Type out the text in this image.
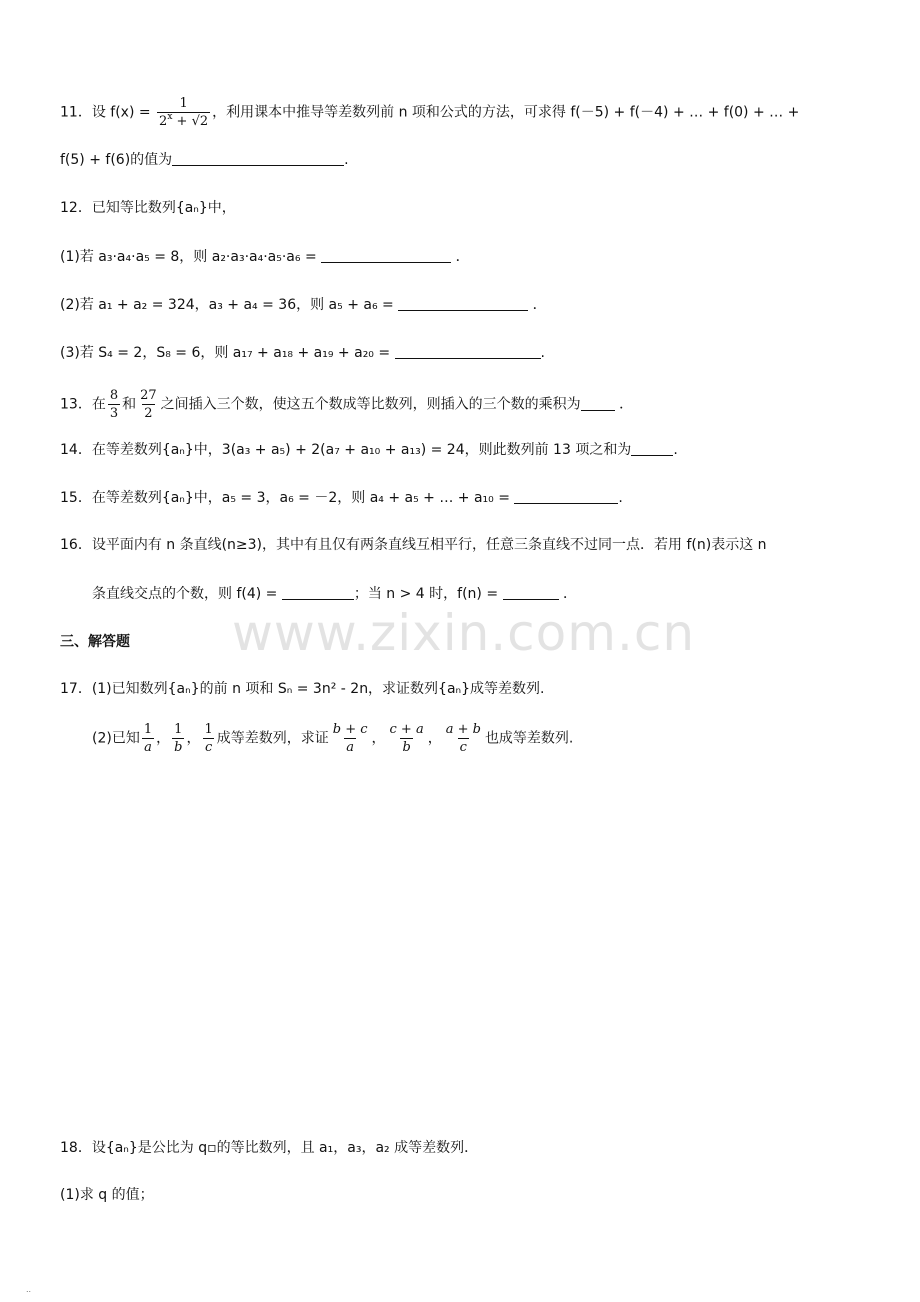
www.zixin.com.cn
11．设 $f(x) = \frac{1}{2^x + √2}$ ，利用课本中推导等差数列前 n 项和公式的方法，可求得 f(－5) + f(－4) + … + f(0) + … +
f(5) + f(6)的值为	.
12．已知等比数列{aₙ}中，
(1)若 a₃·a₄·a₅ = 8，则 a₂·a₃·a₄·a₅·a₆ =	．
(2)若 a₁ + a₂ = 324，a₃ + a₄ = 36，则 a₅ + a₆ =	．
(3)若 S₄ = 2，S₈ = 6，则 a₁₇ + a₁₈ + a₁₉ + a₂₀ =	.
13．在 $\frac{8}{3}$ 和 $\frac{27}{2}$ 之间插入三个数，使这五个数成等比数列，则插入的三个数的乘积为	．
14．在等差数列{aₙ}中，3(a₃ + a₅) + 2(a₇ + a₁₀ + a₁₃) = 24，则此数列前 13 项之和为	.
15．在等差数列{aₙ}中，a₅ = 3，a₆ = －2，则 a₄ + a₅ + … + a₁₀ =	.
16．设平面内有 n 条直线(n≥3)，其中有且仅有两条直线互相平行，任意三条直线不过同一点．若用 f(n)表示这 n
条直线交点的个数，则 f(4) =	；当 n > 4 时，f(n) =	．
三、解答题
17．(1)已知数列{aₙ}的前 n 项和 Sₙ = 3n² - 2n，求证数列{aₙ}成等差数列.
(2)已知 $\frac{1}{a}$ ， $\frac{1}{b}$ ， $\frac{1}{c}$ 成等差数列，求证 $\frac{b + c}{a}$ ， $\frac{c + a}{b}$ ， $\frac{a + b}{c}$ 也成等差数列.
18．设{aₙ}是公比为 q▫的等比数列，且 a₁，a₃，a₂ 成等差数列．
(1)求 q 的值；
..
